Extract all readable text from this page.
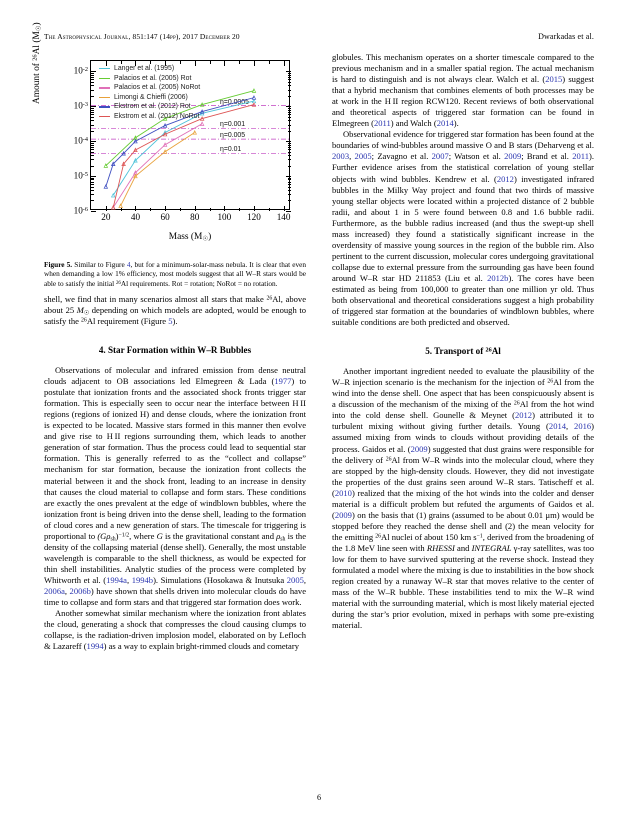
The Astrophysical Journal, 851:147 (14pp), 2017 December 20	Dwarkadas et al.
Amount of $^{26}$Al $(M_☉)$
Mass $(M_☉)$
η=0.0005
η=0.001
η=0.005
η=0.01
20 40 60 80 100 120 140
$10^{-2}$
$10^{-3}$
$10^{-4}$
$10^{-5}$
$10^{-6}$
Langer et al. (1995)
Palacios et al. (2005) Rot
Palacios et al. (2005) NoRot
Limongi & Chieffi (2006)
Ekstrom et al. (2012) Rot
Ekstrom et al. (2012) NoRot
Figure 5. Similar to Figure 4, but for a minimum-solar-mass nebula. It is clear that even when demanding a low 1% efficiency, most models suggest that all W–R stars would be able to satisfy the initial $^{26}$Al requirements. Rot = rotation; NoRot = no rotation.

shell, we find that in many scenarios almost all stars that make $^{26}$Al, above about 25 $M_☉$ depending on which models are adopted, would be enough to satisfy the $^{26}$Al requirement (Figure 5).

4. Star Formation within W–R Bubbles

Observations of molecular and infrared emission from dense neutral clouds adjacent to OB associations led Elmegreen & Lada (1977) to postulate that ionization fronts and the associated shock fronts trigger star formation. This is especially seen to occur near the interface between H II regions (regions of ionized H) and dense clouds, where the ionization front is expected to be located. Massive stars formed in this manner then evolve and give rise to H II regions surrounding them, which leads to another generation of star formation. Thus the process could lead to sequential star formation. This is generally referred to as the “collect and collapse” mechanism for star formation, because the ionization front collects the material between it and the shock front, leading to an increase in density that causes the cloud material to collapse and form stars. These conditions are exactly the ones prevalent at the edge of windblown bubbles, where the ionization front is being driven into the dense shell, leading to the formation of cloud cores and a new generation of stars. The timescale for triggering is proportional to $(G\rho_{sh})^{-1/2}$, where G is the gravitational constant and $\rho_{sh}$ is the density of the collapsing material (dense shell). Generally, the most unstable wavelength is comparable to the shell thickness, as would be expected for thin shell instabilities. Analytic studies of the process were completed by Whitworth et al. (1994a, 1994b). Simulations (Hosokawa & Inutsuka 2005, 2006a, 2006b) have shown that shells driven into molecular clouds do have time to collapse and form stars and that triggered star formation does work.

Another somewhat similar mechanism where the ionization front ablates the cloud, generating a shock that compresses the cloud causing clumps to collapse, is the radiation-driven implosion model, elaborated on by Lefloch & Lazareff (1994) as a way to explain bright-rimmed clouds and cometary

globules. This mechanism operates on a shorter timescale compared to the previous mechanism and in a smaller spatial region. The actual mechanism is hard to distinguish and is not always clear. Walch et al. (2015) suggest that a hybrid mechanism that combines elements of both processes may be at work in the H II region RCW120. Recent reviews of both observational and theoretical aspects of triggered star formation can be found in Elmegreen (2011) and Walch (2014).

Observational evidence for triggered star formation has been found at the boundaries of wind-bubbles around massive O and B stars (Deharveng et al. 2003, 2005; Zavagno et al. 2007; Watson et al. 2009; Brand et al. 2011). Further evidence arises from the statistical correlation of young stellar objects with wind bubbles. Kendrew et al. (2012) investigated infrared bubbles in the Milky Way project and found that two thirds of massive young stellar objects were located within a projected distance of 2 bubble radii, and about 1 in 5 were found between 0.8 and 1.6 bubble radii. Furthermore, as the bubble radius increased (and thus the swept-up shell mass increased) they found a statistically significant increase in the overdensity of massive young sources in the region of the bubble rim. Also pertinent to the current discussion, molecular cores undergoing gravitational collapse due to external pressure from the surrounding gas have been found around W–R star HD 211853 (Liu et al. 2012b). The cores have been estimated as being from 100,000 to greater than one million yr old. Thus both observational and theoretical considerations suggest a high probability of triggered star formation at the boundaries of windblown bubbles, where suitable conditions are both predicted and observed.

5. Transport of $^{26}$Al

Another important ingredient needed to evaluate the plausibility of the W–R injection scenario is the mechanism for the injection of $^{26}$Al from the wind into the dense shell. One aspect that has been conspicuously absent is a discussion of the mechanism of the mixing of the $^{26}$Al from the hot wind into the cold dense shell. Gounelle & Meynet (2012) attributed it to turbulent mixing without giving further details. Young (2014, 2016) assumed mixing from winds to clouds without providing details of the process. Gaidos et al. (2009) suggested that dust grains were responsible for the delivery of $^{26}$Al from W–R winds into the molecular cloud, where they are stopped by the high-density clouds. However, they did not investigate the properties of the dust grains seen around W–R stars. Tatischeff et al. (2010) realized that the mixing of the hot winds into the colder and denser material is a difficult problem but refuted the arguments of Gaidos et al. (2009) on the basis that (1) grains (assumed to be about 0.01 μm) would be stopped before they reached the dense shell and (2) the mean velocity for the emitting $^{26}$Al nuclei of about 150 km $s^{-1}$, derived from the broadening of the 1.8 MeV line seen with RHESSI and INTEGRAL γ-ray satellites, was too low for them to have survived sputtering at the reverse shock. Instead they formulated a model where the mixing is due to instabilities in the bow shock region created by a runaway W–R star that moves relative to the center of mass of the W–R bubble. These instabilities tend to mix the W–R wind material with the surrounding material, which is most likely material ejected during the star’s prior evolution, mixed in perhaps with some pre-existing material.

6
